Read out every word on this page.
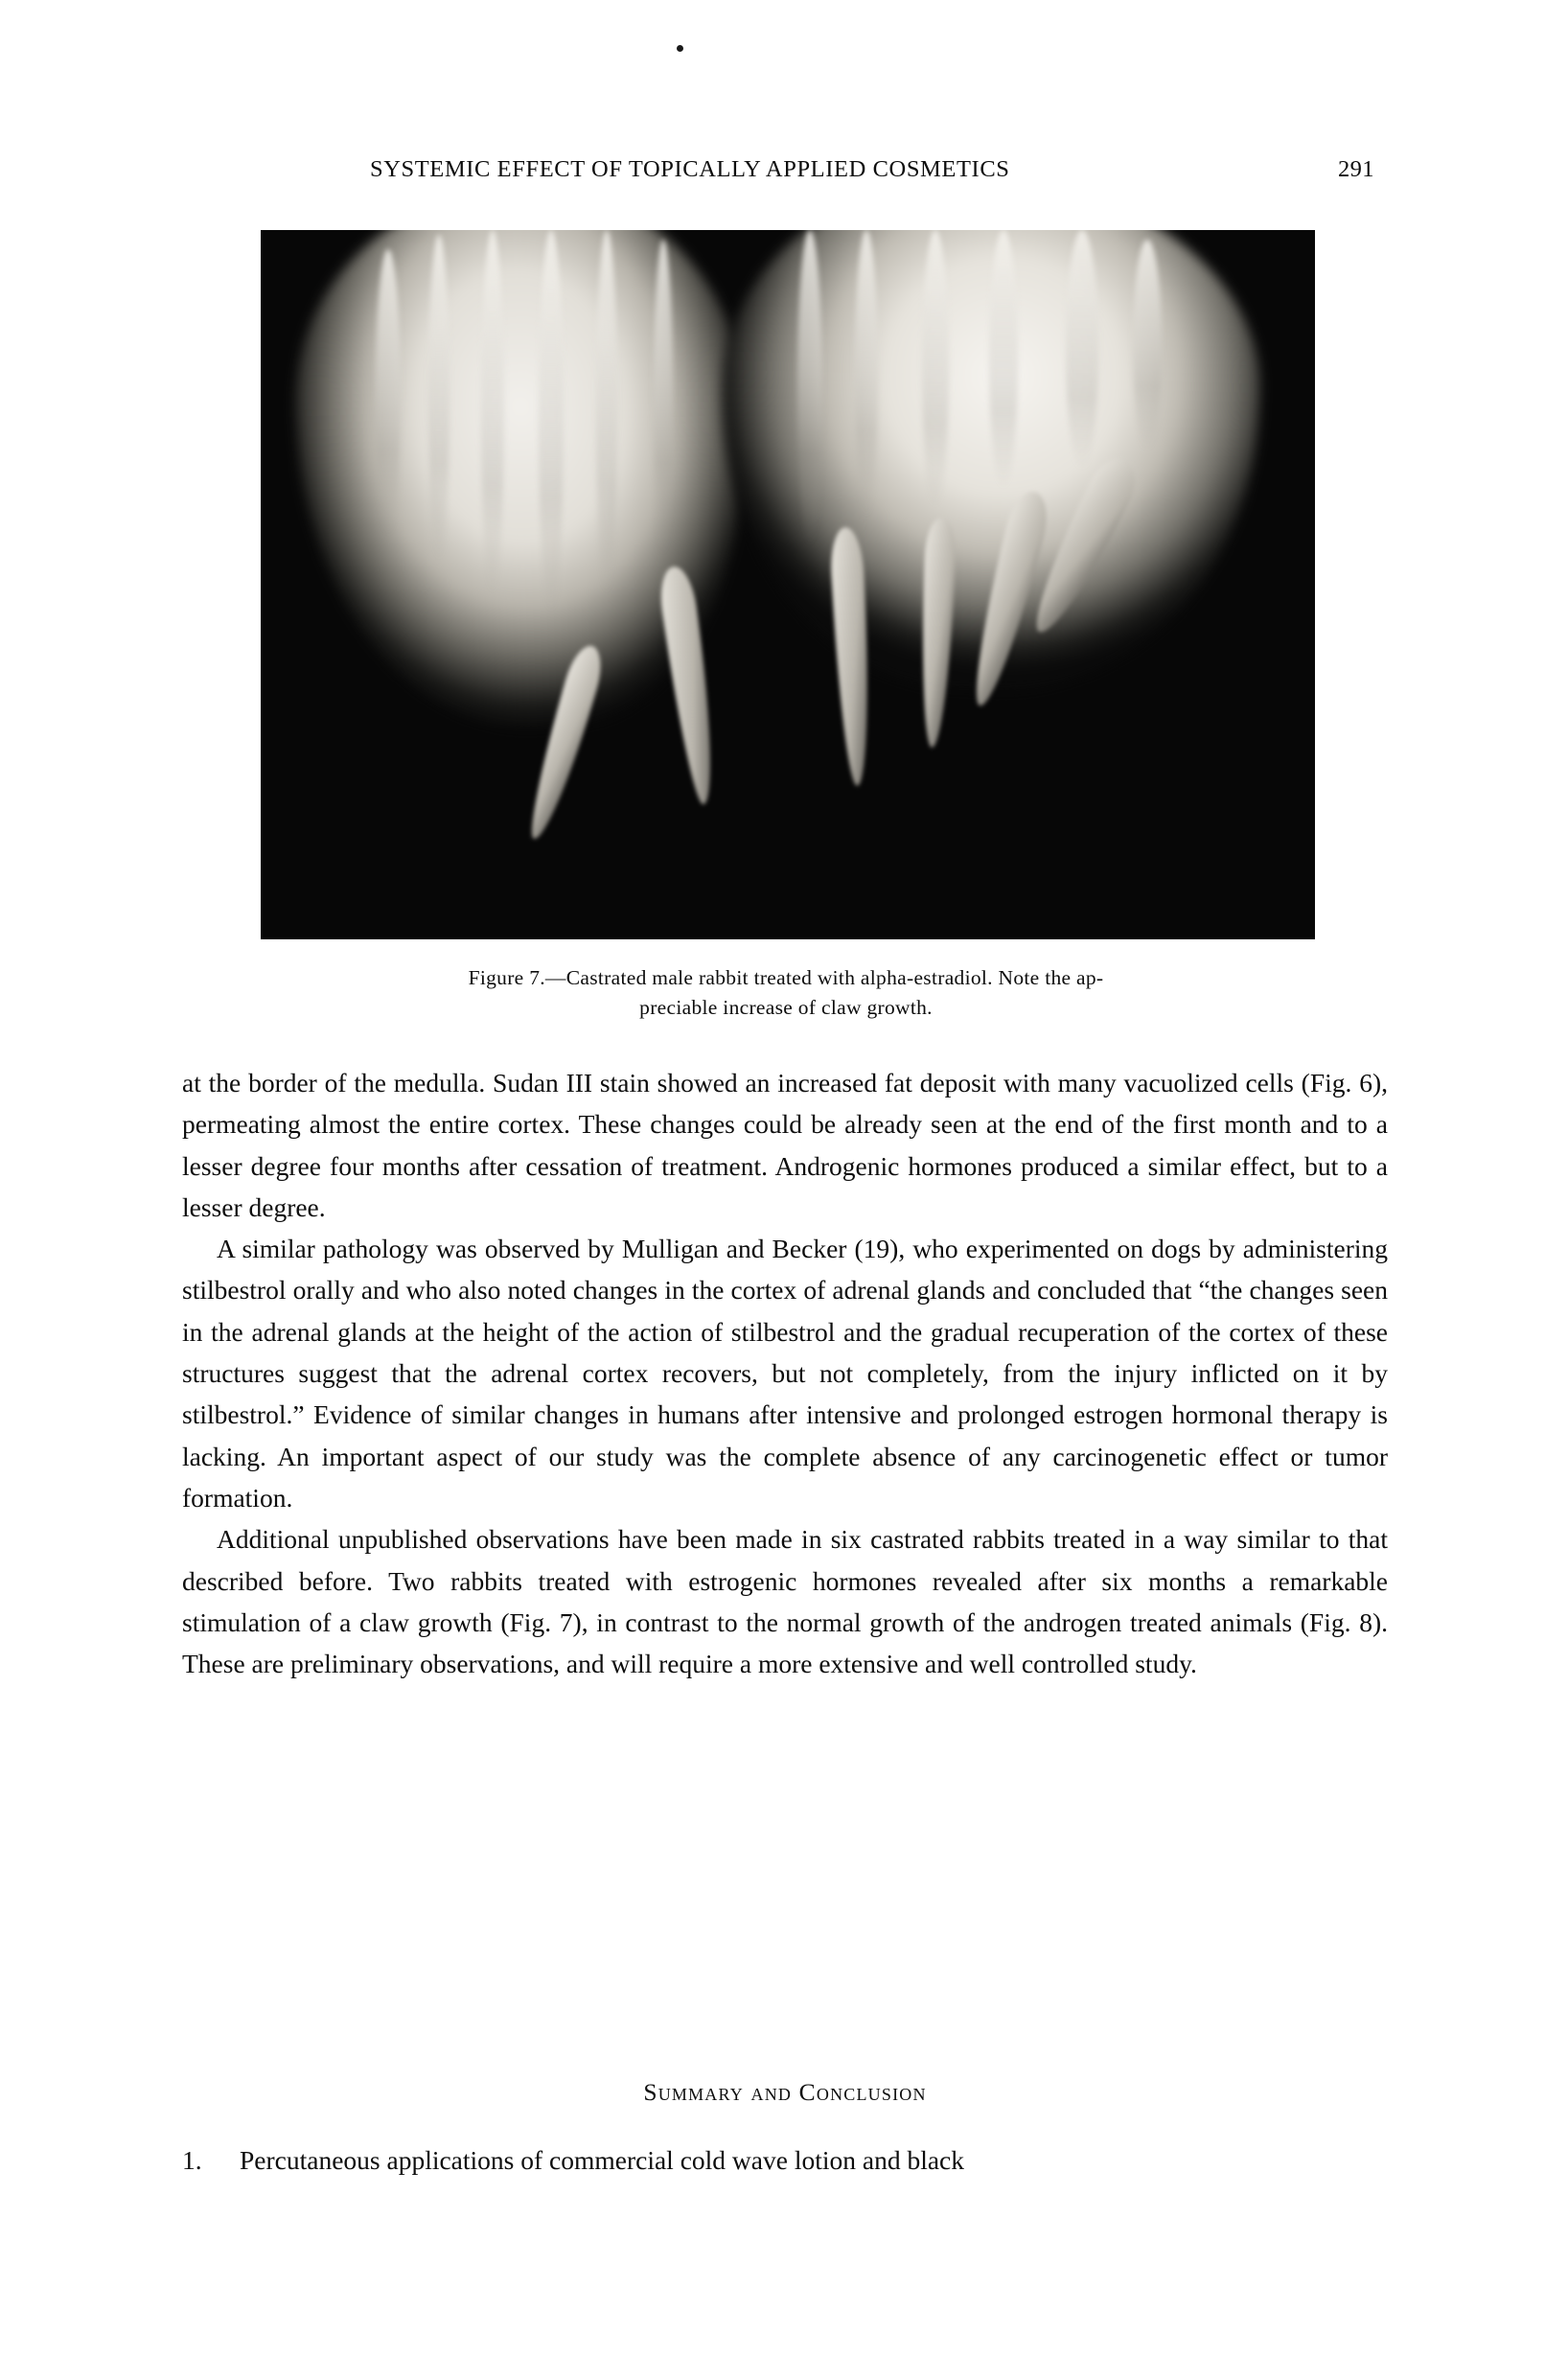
SYSTEMIC EFFECT OF TOPICALLY APPLIED COSMETICS	291
Figure 7.—Castrated male rabbit treated with alpha-estradiol. Note the ap-
preciable increase of claw growth.

at the border of the medulla. Sudan III stain showed an increased fat deposit with many vacuolized cells (Fig. 6), permeating almost the entire cortex. These changes could be already seen at the end of the first month and to a lesser degree four months after cessation of treatment. Androgenic hormones produced a similar effect, but to a lesser degree.

A similar pathology was observed by Mulligan and Becker (19), who experimented on dogs by administering stilbestrol orally and who also noted changes in the cortex of adrenal glands and concluded that “the changes seen in the adrenal glands at the height of the action of stilbestrol and the gradual recuperation of the cortex of these structures suggest that the adrenal cortex recovers, but not completely, from the injury inflicted on it by stilbestrol.” Evidence of similar changes in humans after intensive and prolonged estrogen hormonal therapy is lacking. An important aspect of our study was the complete absence of any carcinogenetic effect or tumor formation.

Additional unpublished observations have been made in six castrated rabbits treated in a way similar to that described before. Two rabbits treated with estrogenic hormones revealed after six months a remarkable stimulation of a claw growth (Fig. 7), in contrast to the normal growth of the androgen treated animals (Fig. 8). These are preliminary observations, and will require a more extensive and well controlled study.

Summary and Conclusion
1. Percutaneous applications of commercial cold wave lotion and black
